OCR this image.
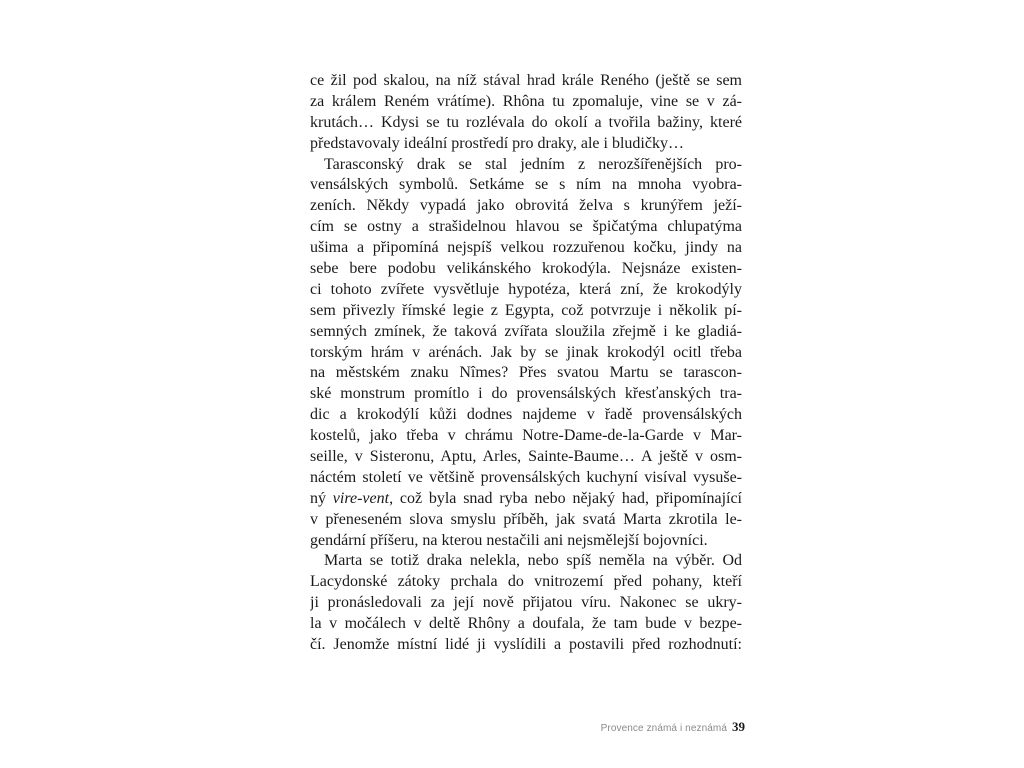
ce žil pod skalou, na níž stával hrad krále Reného (ještě se sem
za králem Reném vrátíme). Rhôna tu zpomaluje, vine se v zá-
krutách… Kdysi se tu rozlévala do okolí a tvořila bažiny, které
představovaly ideální prostředí pro draky, ale i bludičky…
Tarasconský drak se stal jedním z nerozšířenějších pro-
vensálských symbolů. Setkáme se s ním na mnoha vyobra-
zeních. Někdy vypadá jako obrovitá želva s krunýřem ježí-
cím se ostny a strašidelnou hlavou se špičatýma chlupatýma
ušima a připomíná nejspíš velkou rozzuřenou kočku, jindy na
sebe bere podobu velikánského krokodýla. Nejsnáze existen-
ci tohoto zvířete vysvětluje hypotéza, která zní, že krokodýly
sem přivezly římské legie z Egypta, což potvrzuje i několik pí-
semných zmínek, že taková zvířata sloužila zřejmě i ke gladiá-
torským hrám v arénách. Jak by se jinak krokodýl ocitl třeba
na městském znaku Nîmes? Přes svatou Martu se tarascon-
ské monstrum promítlo i do provensálských křesťanských tra-
dic a krokodýlí kůži dodnes najdeme v řadě provensálských
kostelů, jako třeba v chrámu Notre-Dame-de-la-Garde v Mar-
seille, v Sisteronu, Aptu, Arles, Sainte-Baume… A ještě v osm-
náctém století ve většině provensálských kuchyní visíval vysuše-
ný vire-vent, což byla snad ryba nebo nějaký had, připomínající
v přeneseném slova smyslu příběh, jak svatá Marta zkrotila le-
gendární příšeru, na kterou nestačili ani nejsmělejší bojovníci.
Marta se totiž draka nelekla, nebo spíš neměla na výběr. Od
Lacydonské zátoky prchala do vnitrozemí před pohany, kteří
ji pronásledovali za její nově přijatou víru. Nakonec se ukry-
la v močálech v deltě Rhôny a doufala, že tam bude v bezpe-
čí. Jenomže místní lidé ji vyslídili a postavili před rozhodnutí:
Provence známá i neznámá 39
